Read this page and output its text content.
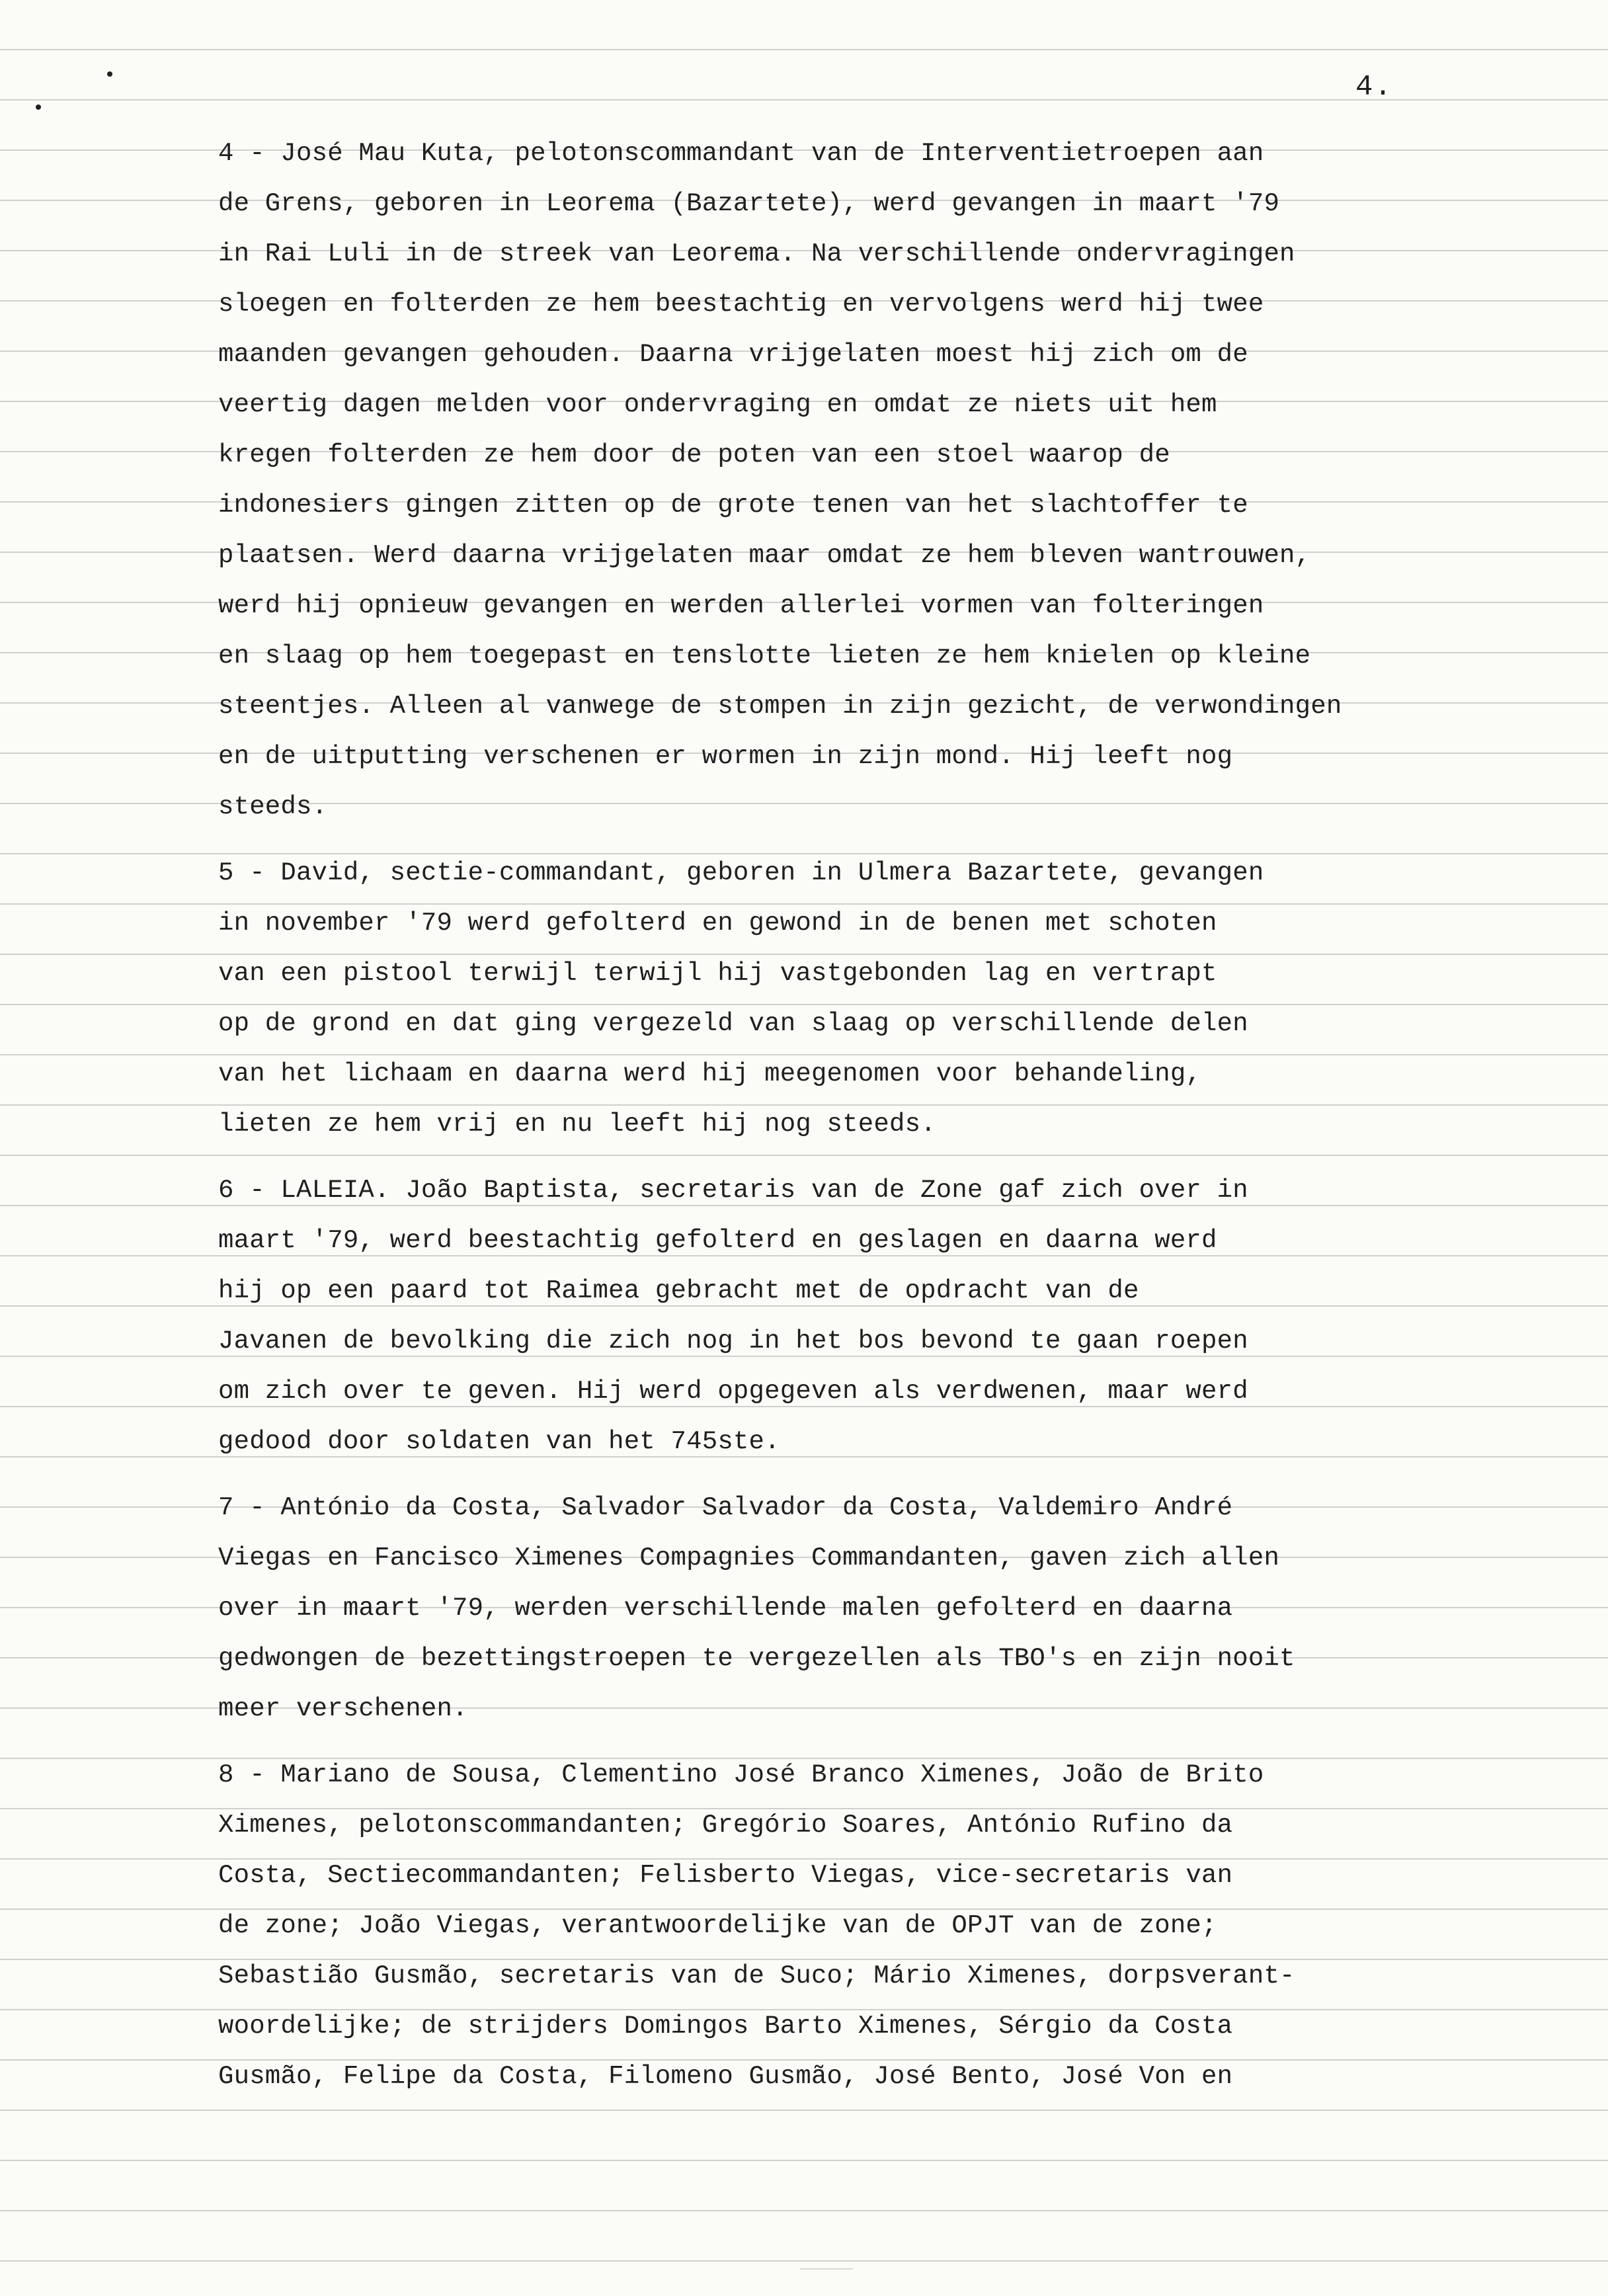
4.
4 - José Mau Kuta, pelotonscommandant van de Interventietroepen aan
de Grens, geboren in Leorema (Bazartete), werd gevangen in maart '79
in Rai Luli in de streek van Leorema. Na verschillende ondervragingen
sloegen en folterden ze hem beestachtig en vervolgens werd hij twee
maanden gevangen gehouden. Daarna vrijgelaten moest hij zich om de
veertig dagen melden voor ondervraging en omdat ze niets uit hem
kregen folterden ze hem door de poten van een stoel waarop de
indonesiers gingen zitten op de grote tenen van het slachtoffer te
plaatsen. Werd daarna vrijgelaten maar omdat ze hem bleven wantrouwen,
werd hij opnieuw gevangen en werden allerlei vormen van folteringen
en slaag op hem toegepast en tenslotte lieten ze hem knielen op kleine
steentjes. Alleen al vanwege de stompen in zijn gezicht, de verwondingen
en de uitputting verschenen er wormen in zijn mond. Hij leeft nog
steeds.
5 - David, sectie-commandant, geboren in Ulmera Bazartete, gevangen
in november '79 werd gefolterd en gewond in de benen met schoten
van een pistool terwijl terwijl hij vastgebonden lag en vertrapt
op de grond en dat ging vergezeld van slaag op verschillende delen
van het lichaam en daarna werd hij meegenomen voor behandeling,
lieten ze hem vrij en nu leeft hij nog steeds.
6 - LALEIA. João Baptista, secretaris van de Zone gaf zich over in
maart '79, werd beestachtig gefolterd en geslagen en daarna werd
hij op een paard tot Raimea gebracht met de opdracht van de
Javanen de bevolking die zich nog in het bos bevond te gaan roepen
om zich over te geven. Hij werd opgegeven als verdwenen, maar werd
gedood door soldaten van het 745ste.
7 - António da Costa, Salvador Salvador da Costa, Valdemiro André
Viegas en Fancisco Ximenes Compagnies Commandanten, gaven zich allen
over in maart '79, werden verschillende malen gefolterd en daarna
gedwongen de bezettingstroepen te vergezellen als TBO's en zijn nooit
meer verschenen.
8 - Mariano de Sousa, Clementino José Branco Ximenes, João de Brito
Ximenes, pelotonscommandanten; Gregório Soares, António Rufino da
Costa, Sectiecommandanten; Felisberto Viegas, vice-secretaris van
de zone; João Viegas, verantwoordelijke van de OPJT van de zone;
Sebastião Gusmão, secretaris van de Suco; Mário Ximenes, dorpsverant-
woordelijke; de strijders Domingos Barto Ximenes, Sérgio da Costa
Gusmão, Felipe da Costa, Filomeno Gusmão, José Bento, José Von en
